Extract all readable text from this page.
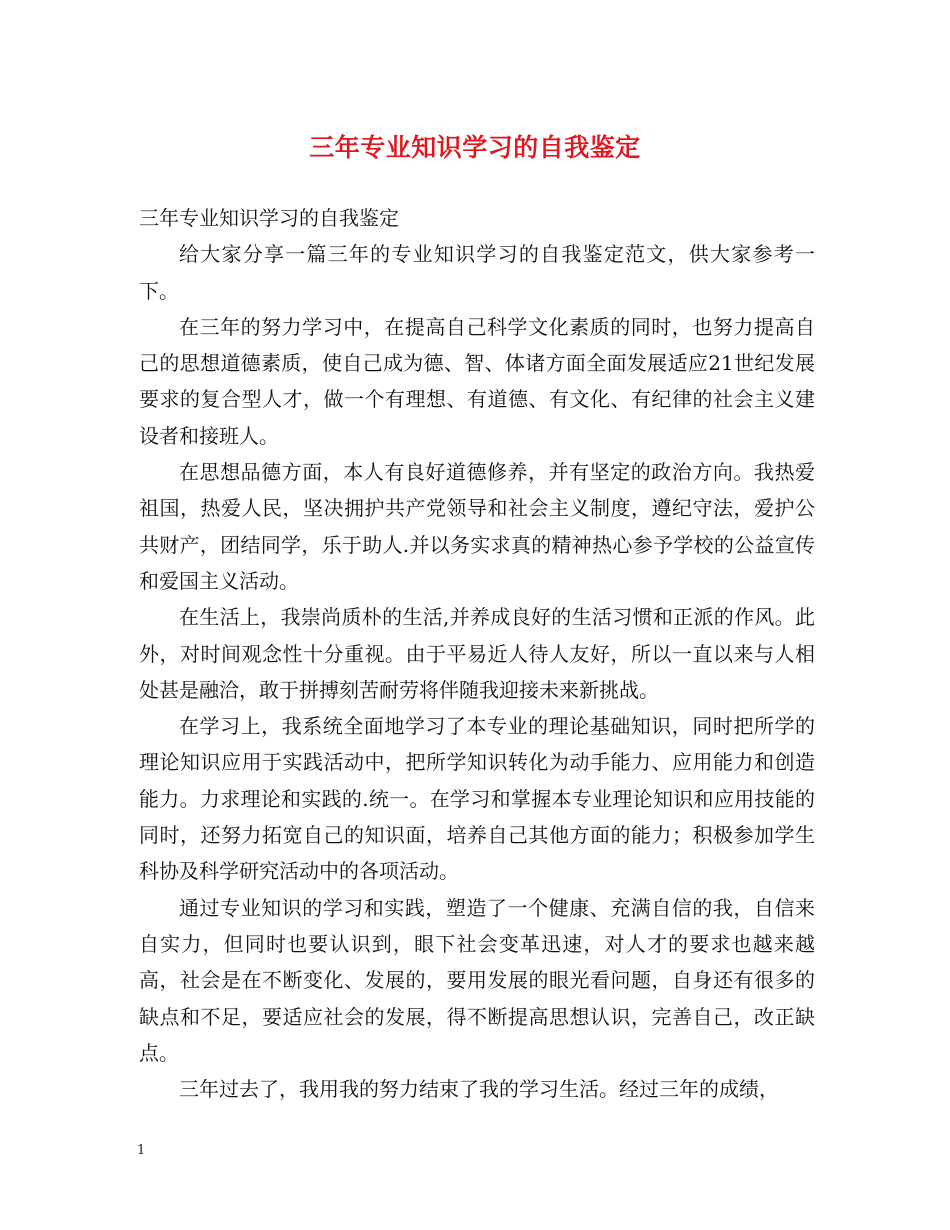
三年专业知识学习的自我鉴定

三年专业知识学习的自我鉴定

给大家分享一篇三年的专业知识学习的自我鉴定范文，供大家参考一下。

在三年的努力学习中，在提高自己科学文化素质的同时，也努力提高自己的思想道德素质，使自己成为德、智、体诸方面全面发展适应21世纪发展要求的复合型人才，做一个有理想、有道德、有文化、有纪律的社会主义建设者和接班人。

在思想品德方面，本人有良好道德修养，并有坚定的政治方向。我热爱祖国，热爱人民，坚决拥护共产党领导和社会主义制度，遵纪守法，爱护公共财产，团结同学，乐于助人.并以务实求真的精神热心参予学校的公益宣传和爱国主义活动。

在生活上，我崇尚质朴的生活,并养成良好的生活习惯和正派的作风。此外，对时间观念性十分重视。由于平易近人待人友好，所以一直以来与人相处甚是融洽，敢于拼搏刻苦耐劳将伴随我迎接未来新挑战。

在学习上，我系统全面地学习了本专业的理论基础知识，同时把所学的理论知识应用于实践活动中，把所学知识转化为动手能力、应用能力和创造能力。力求理论和实践的.统一。在学习和掌握本专业理论知识和应用技能的同时，还努力拓宽自己的知识面，培养自己其他方面的能力；积极参加学生科协及科学研究活动中的各项活动。

通过专业知识的学习和实践，塑造了一个健康、充满自信的我，自信来自实力，但同时也要认识到，眼下社会变革迅速，对人才的要求也越来越高，社会是在不断变化、发展的，要用发展的眼光看问题，自身还有很多的缺点和不足，要适应社会的发展，得不断提高思想认识，完善自己，改正缺点。

三年过去了，我用我的努力结束了我的学习生活。经过三年的成绩，

1
